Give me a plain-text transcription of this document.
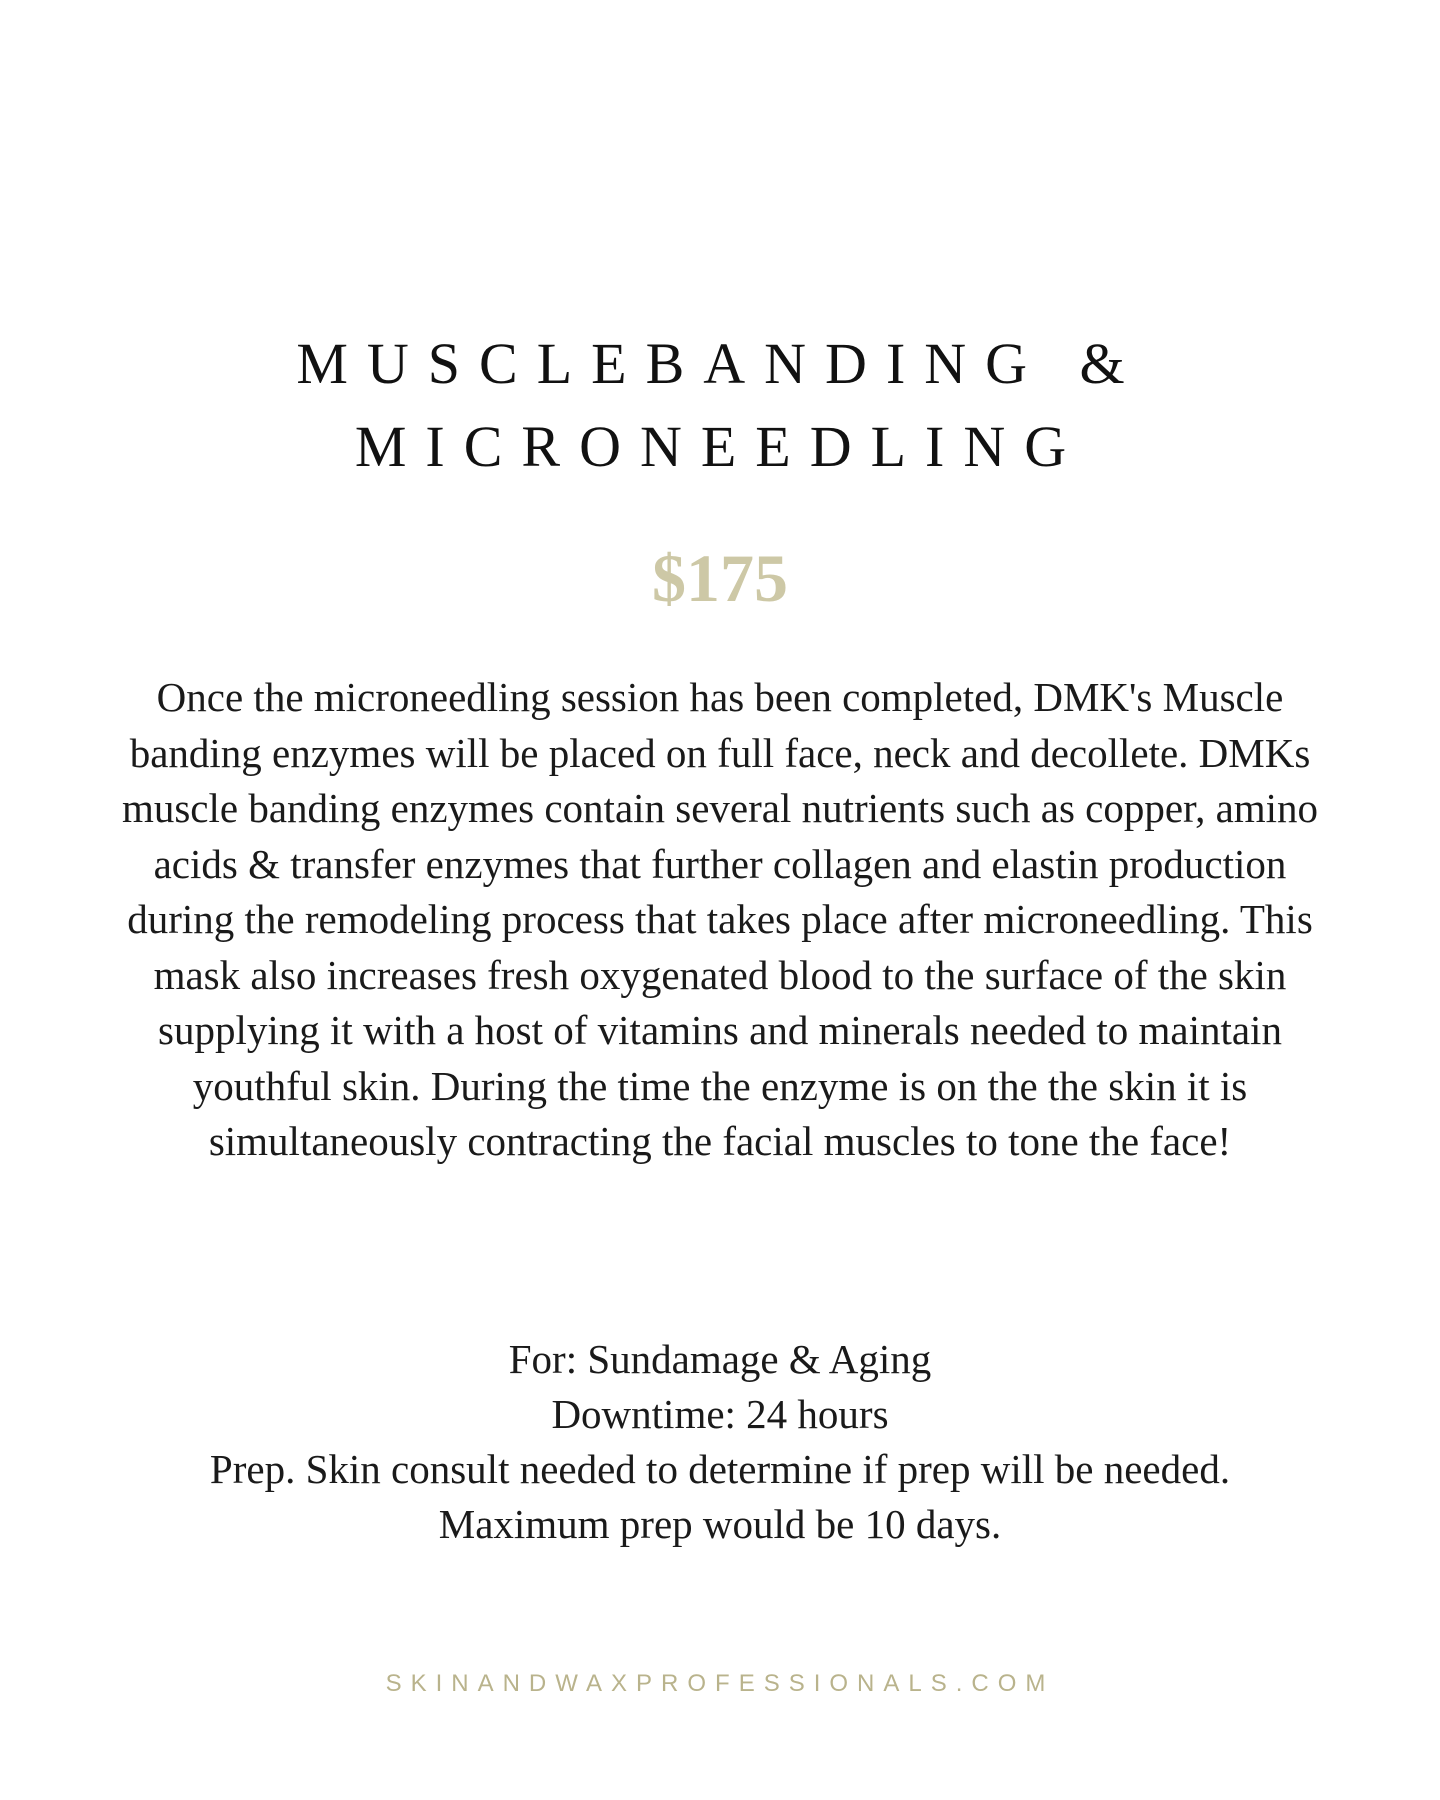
MUSCLEBANDING &
MICRONEEDLING
$175

Once the microneedling session has been completed, DMK's Muscle banding enzymes will be placed on full face, neck and decollete. DMKs muscle banding enzymes contain several nutrients such as copper, amino acids & transfer enzymes that further collagen and elastin production during the remodeling process that takes place after microneedling. This mask also increases fresh oxygenated blood to the surface of the skin supplying it with a host of vitamins and minerals needed to maintain youthful skin. During the time the enzyme is on the the skin it is simultaneously contracting the facial muscles to tone the face!

For: Sundamage & Aging
Downtime: 24 hours
Prep. Skin consult needed to determine if prep will be needed.
Maximum prep would be 10 days.
SKINANDWAXPROFESSIONALS.COM
